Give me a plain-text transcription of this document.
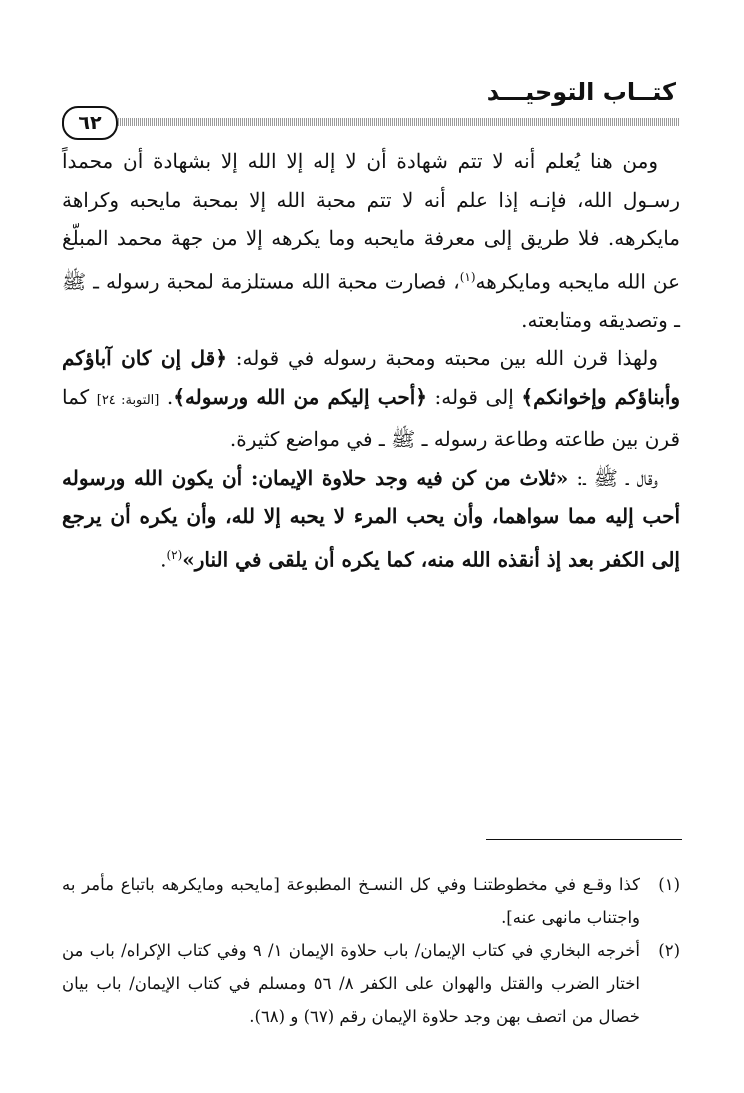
كتــاب التوحيـــد
٦٢

ومن هنا يُعلم أنه لا تتم شهادة أن لا إله إلا الله إلا بشهادة أن محمداً رسـول الله، فإنـه إذا علم أنه لا تتم محبة الله إلا بمحبة مايحبه وكراهة مايكرهه. فلا طريق إلى معرفة مايحبه وما يكرهه إلا من جهة محمد المبلّغ عن الله مايحبه ومايكرهه$^{(١)}$، فصارت محبة الله مستلزمة لمحبة رسوله ـ ﷺ ـ وتصديقه ومتابعته.

ولهذا قرن الله بين محبته ومحبة رسوله في قوله: ﴿قل إن كان آباؤكم وأبناؤكم وإخوانكم﴾ إلى قوله: ﴿أحب إليكم من الله ورسوله﴾. [التوبة: ٢٤] كما قرن بين طاعته وطاعة رسوله ـ ﷺ ـ في مواضع كثيرة.

وقال ـ ﷺ ـ: «ثلاث من كن فيه وجد حلاوة الإيمان: أن يكون الله ورسوله أحب إليه مما سواهما، وأن يحب المرء لا يحبه إلا لله، وأن يكره أن يرجع إلى الكفر بعد إذ أنقذه الله منه، كما يكره أن يلقى في النار»$^{(٢)}$.

(١)
كذا وقـع في مخطوطتنـا وفي كل النسـخ المطبوعة [مايحبه ومايكرهه باتباع مأمر به واجتناب مانهى عنه].

(٢)
أخرجه البخاري في كتاب الإيمان/ باب حلاوة الإيمان ١/ ٩ وفي كتاب الإكراه/ باب من اختار الضرب والقتل والهوان على الكفر ٨/ ٥٦ ومسلم في كتاب الإيمان/ باب بيان خصال من اتصف بهن وجد حلاوة الإيمان رقم (٦٧) و (٦٨).
